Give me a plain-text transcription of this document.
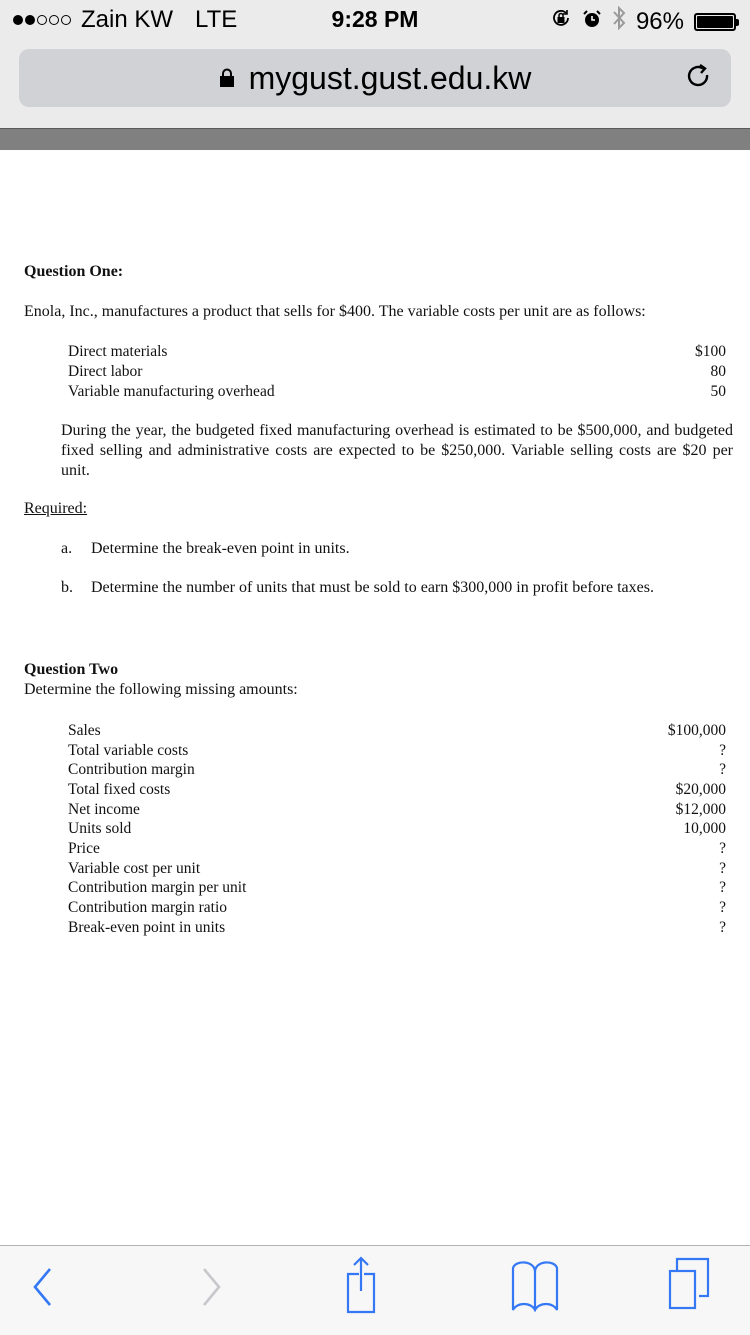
Zain KW LTE	9:28 PM	96%
mygust.gust.edu.kw
Question One:
Enola, Inc., manufactures a product that sells for $400. The variable costs per unit are as follows:
Direct materials	$100
Direct labor	80
Variable manufacturing overhead	50
During the year, the budgeted fixed manufacturing overhead is estimated to be $500,000, and budgeted fixed selling and administrative costs are expected to be $250,000. Variable selling costs are $20 per unit.
Required:
a. Determine the break-even point in units.
b. Determine the number of units that must be sold to earn $300,000 in profit before taxes.
Question Two
Determine the following missing amounts:
Sales	$100,000
Total variable costs	?
Contribution margin	?
Total fixed costs	$20,000
Net income	$12,000
Units sold	10,000
Price	?
Variable cost per unit	?
Contribution margin per unit	?
Contribution margin ratio	?
Break-even point in units	?
